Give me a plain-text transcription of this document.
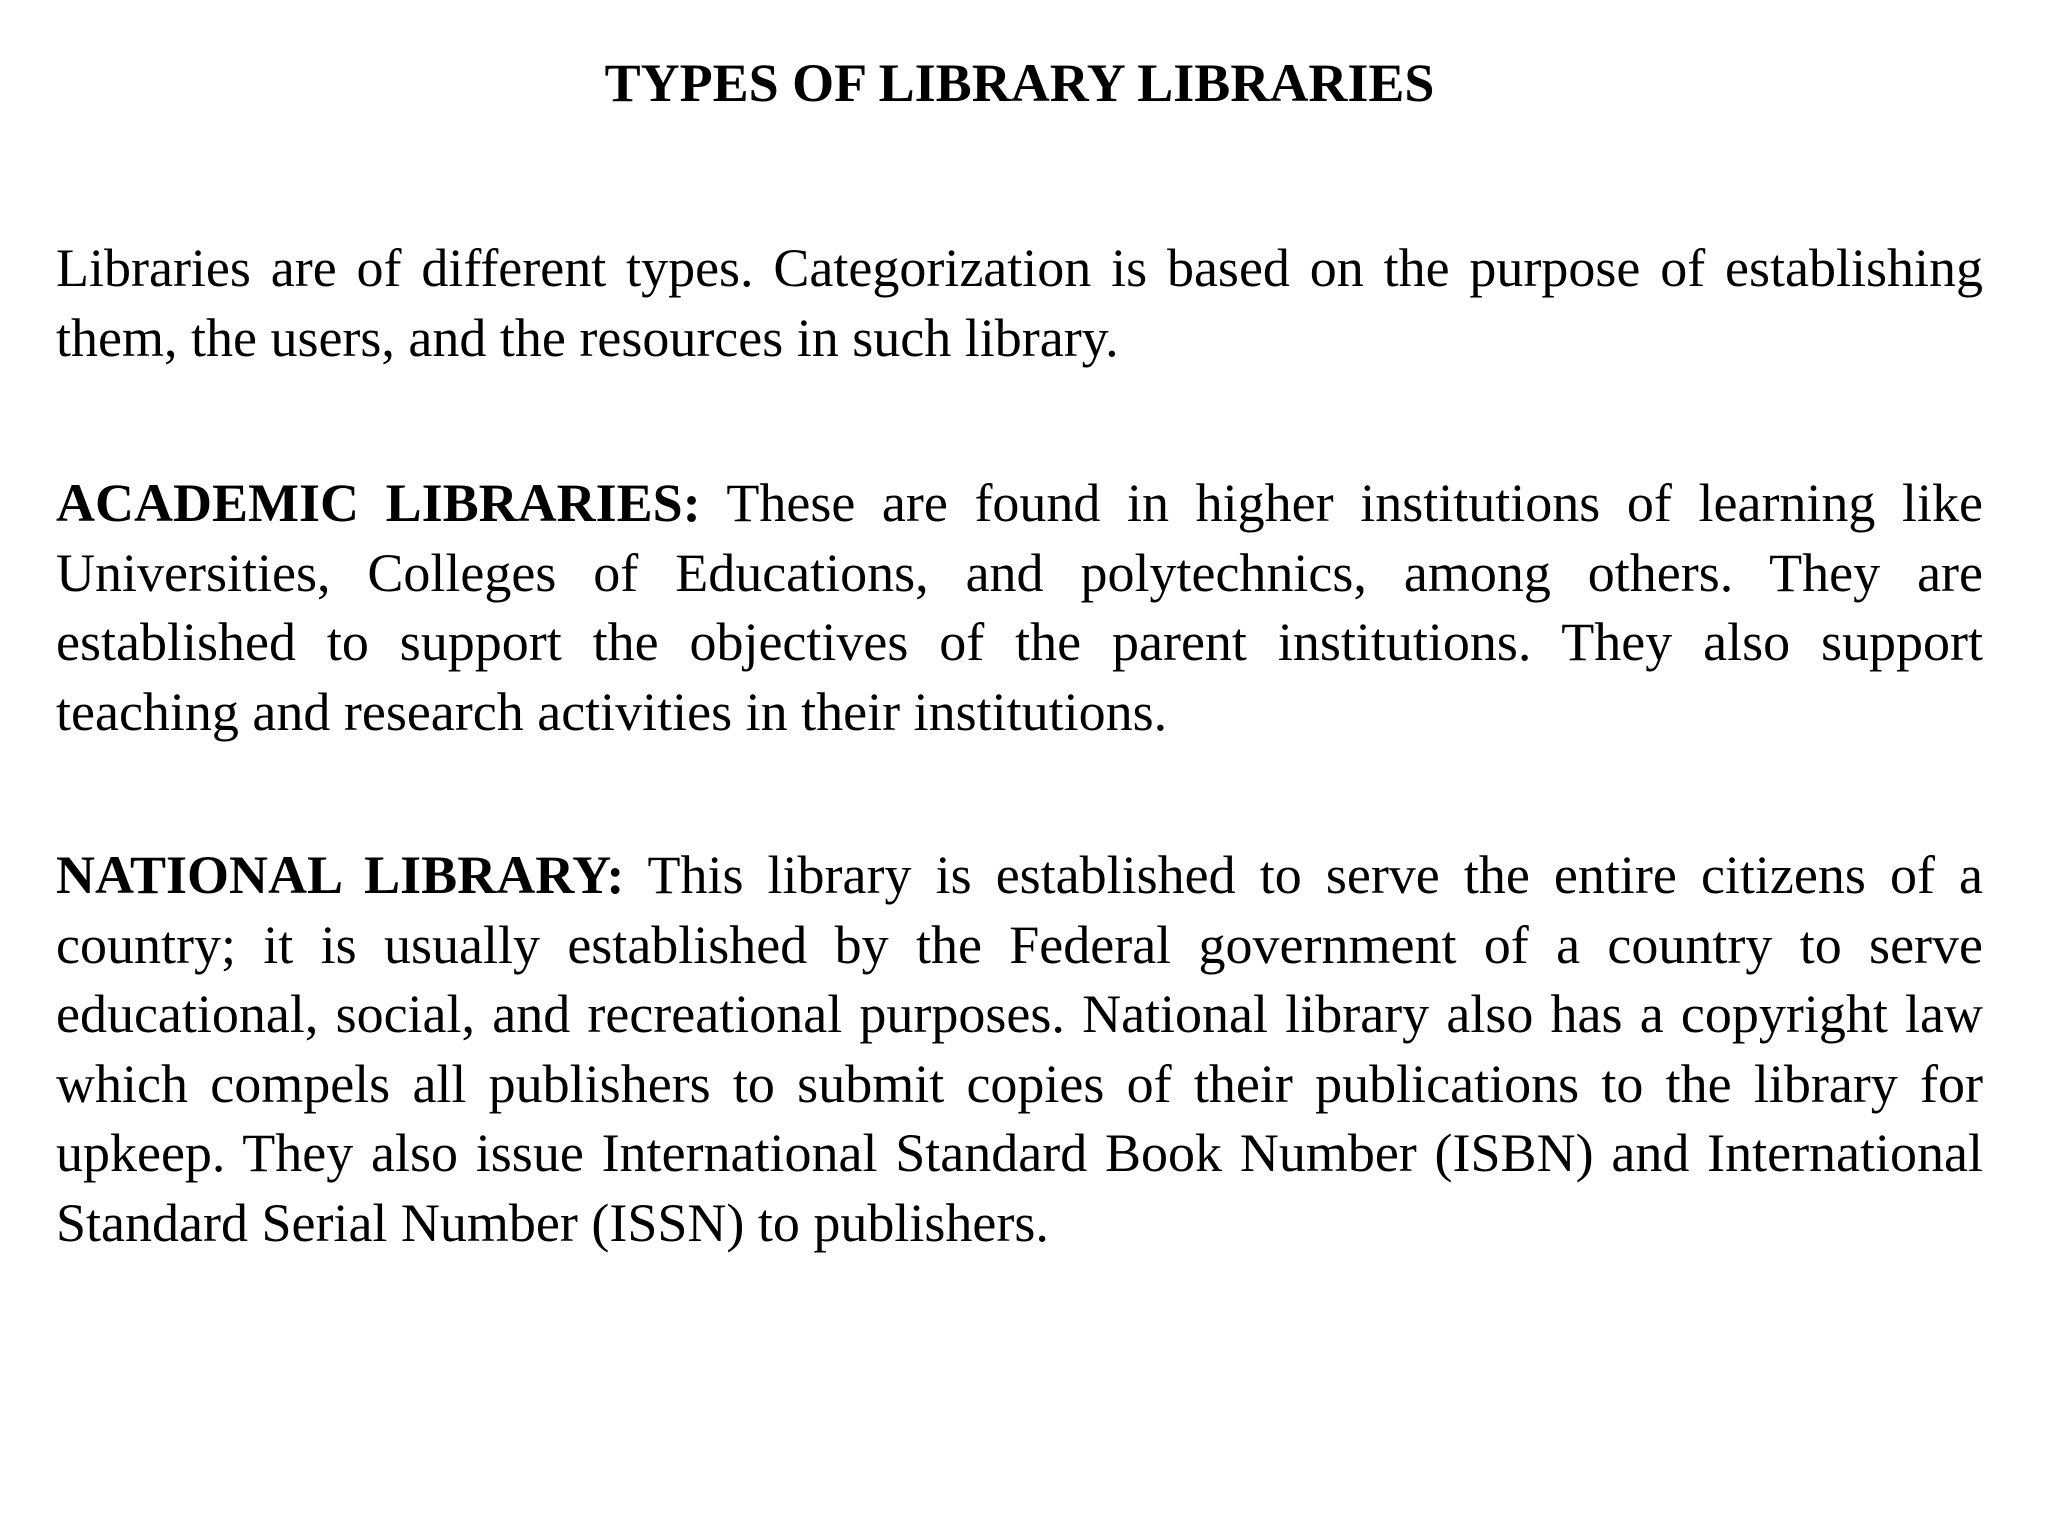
TYPES OF LIBRARY LIBRARIES

Libraries are of different types. Categorization is based on the purpose of establishing them, the users, and the resources in such library.

ACADEMIC LIBRARIES: These are found in higher institutions of learning like Universities, Colleges of Educations, and polytechnics, among others. They are established to support the objectives of the parent institutions. They also support teaching and research activities in their institutions.

NATIONAL LIBRARY: This library is established to serve the entire citizens of a country; it is usually established by the Federal government of a country to serve educational, social, and recreational purposes. National library also has a copyright law which compels all publishers to submit copies of their publications to the library for upkeep. They also issue International Standard Book Number (ISBN) and International Standard Serial Number (ISSN) to publishers.
